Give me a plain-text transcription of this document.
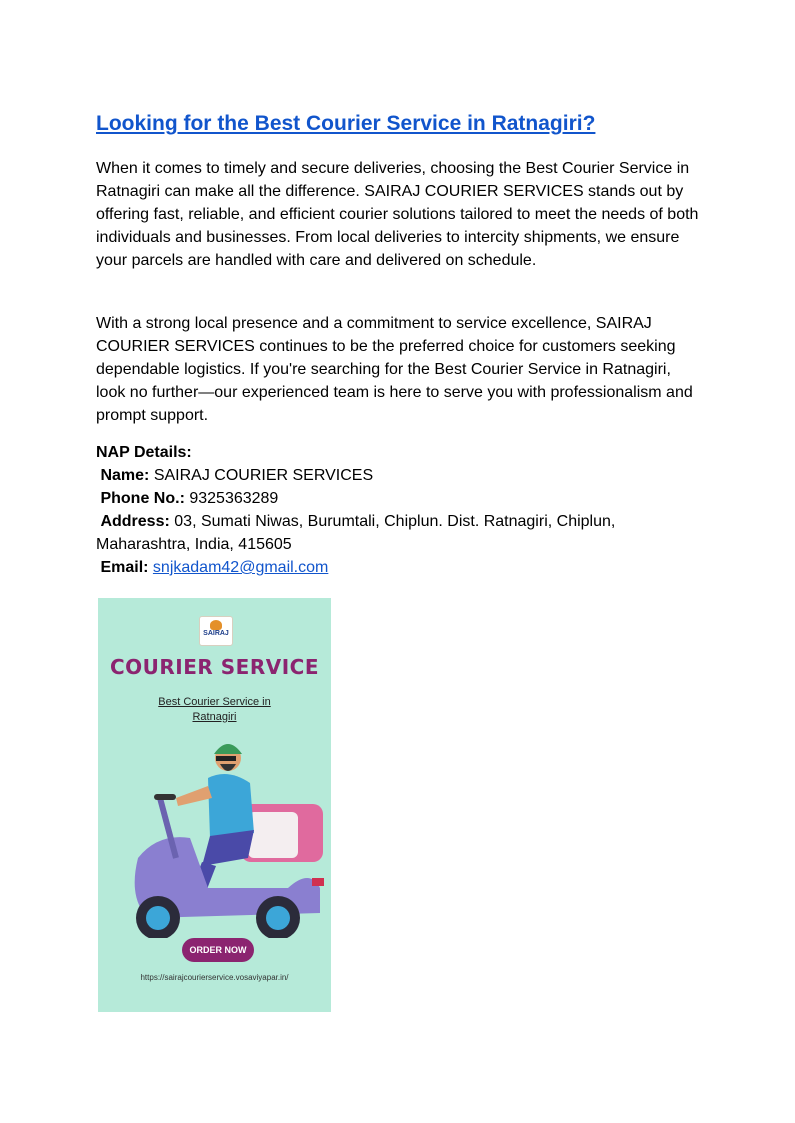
Looking for the Best Courier Service in Ratnagiri?

When it comes to timely and secure deliveries, choosing the Best Courier Service in Ratnagiri can make all the difference. SAIRAJ COURIER SERVICES stands out by offering fast, reliable, and efficient courier solutions tailored to meet the needs of both individuals and businesses. From local deliveries to intercity shipments, we ensure your parcels are handled with care and delivered on schedule.

With a strong local presence and a commitment to service excellence, SAIRAJ COURIER SERVICES continues to be the preferred choice for customers seeking dependable logistics. If you're searching for the Best Courier Service in Ratnagiri, look no further—our experienced team is here to serve you with professionalism and prompt support.

NAP Details:
Name: SAIRAJ COURIER SERVICES
Phone No.: 9325363289
Address: 03, Sumati Niwas, Burumtali, Chiplun. Dist. Ratnagiri, Chiplun, Maharashtra, India, 415605
Email: snjkadam42@gmail.com
SAIRAJ
COURIER SERVICE
Best Courier Service in Ratnagiri
ORDER NOW
https://sairajcourierservice.vosaviyapar.in/
